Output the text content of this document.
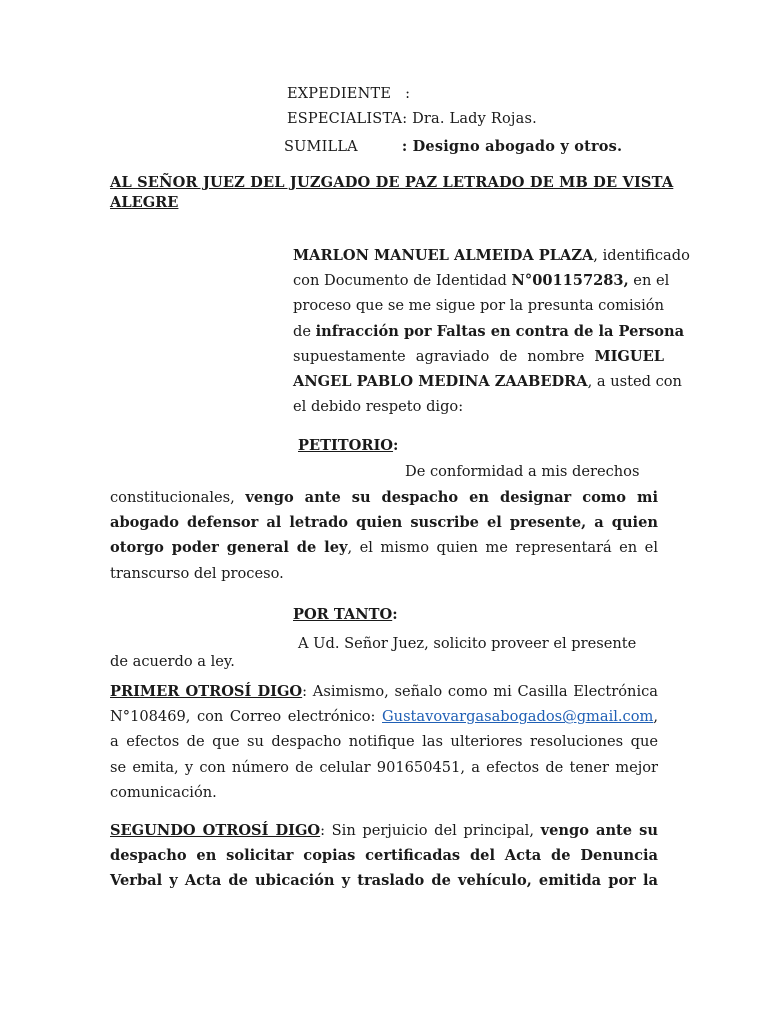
EXPEDIENTE :
ESPECIALISTA: Dra. Lady Rojas.
SUMILLA	: Designo abogado y otros.
AL SEÑOR JUEZ DEL JUZGADO DE PAZ LETRADO DE MB DE VISTA
ALEGRE
MARLON MANUEL ALMEIDA PLAZA, identificado
con Documento de Identidad N°001157283, en el
proceso que se me sigue por la presunta comisión
de infracción por Faltas en contra de la Persona
supuestamente agraviado de nombre MIGUEL
ANGEL PABLO MEDINA ZAABEDRA, a usted con
el debido respeto digo:
PETITORIO:
De conformidad a mis derechos
constitucionales, vengo ante su despacho en designar como mi
abogado defensor al letrado quien suscribe el presente, a quien
otorgo poder general de ley, el mismo quien me representará en el
transcurso del proceso.
POR TANTO:
A Ud. Señor Juez, solicito proveer el presente
de acuerdo a ley.
PRIMER OTROSÍ DIGO: Asimismo, señalo como mi Casilla Electrónica
N°108469, con Correo electrónico: Gustavovargasabogados@gmail.com,
a efectos de que su despacho notifique las ulteriores resoluciones que
se emita, y con número de celular 901650451, a efectos de tener mejor
comunicación.
SEGUNDO OTROSÍ DIGO: Sin perjuicio del principal, vengo ante su
despacho en solicitar copias certificadas del Acta de Denuncia
Verbal y Acta de ubicación y traslado de vehículo, emitida por la
